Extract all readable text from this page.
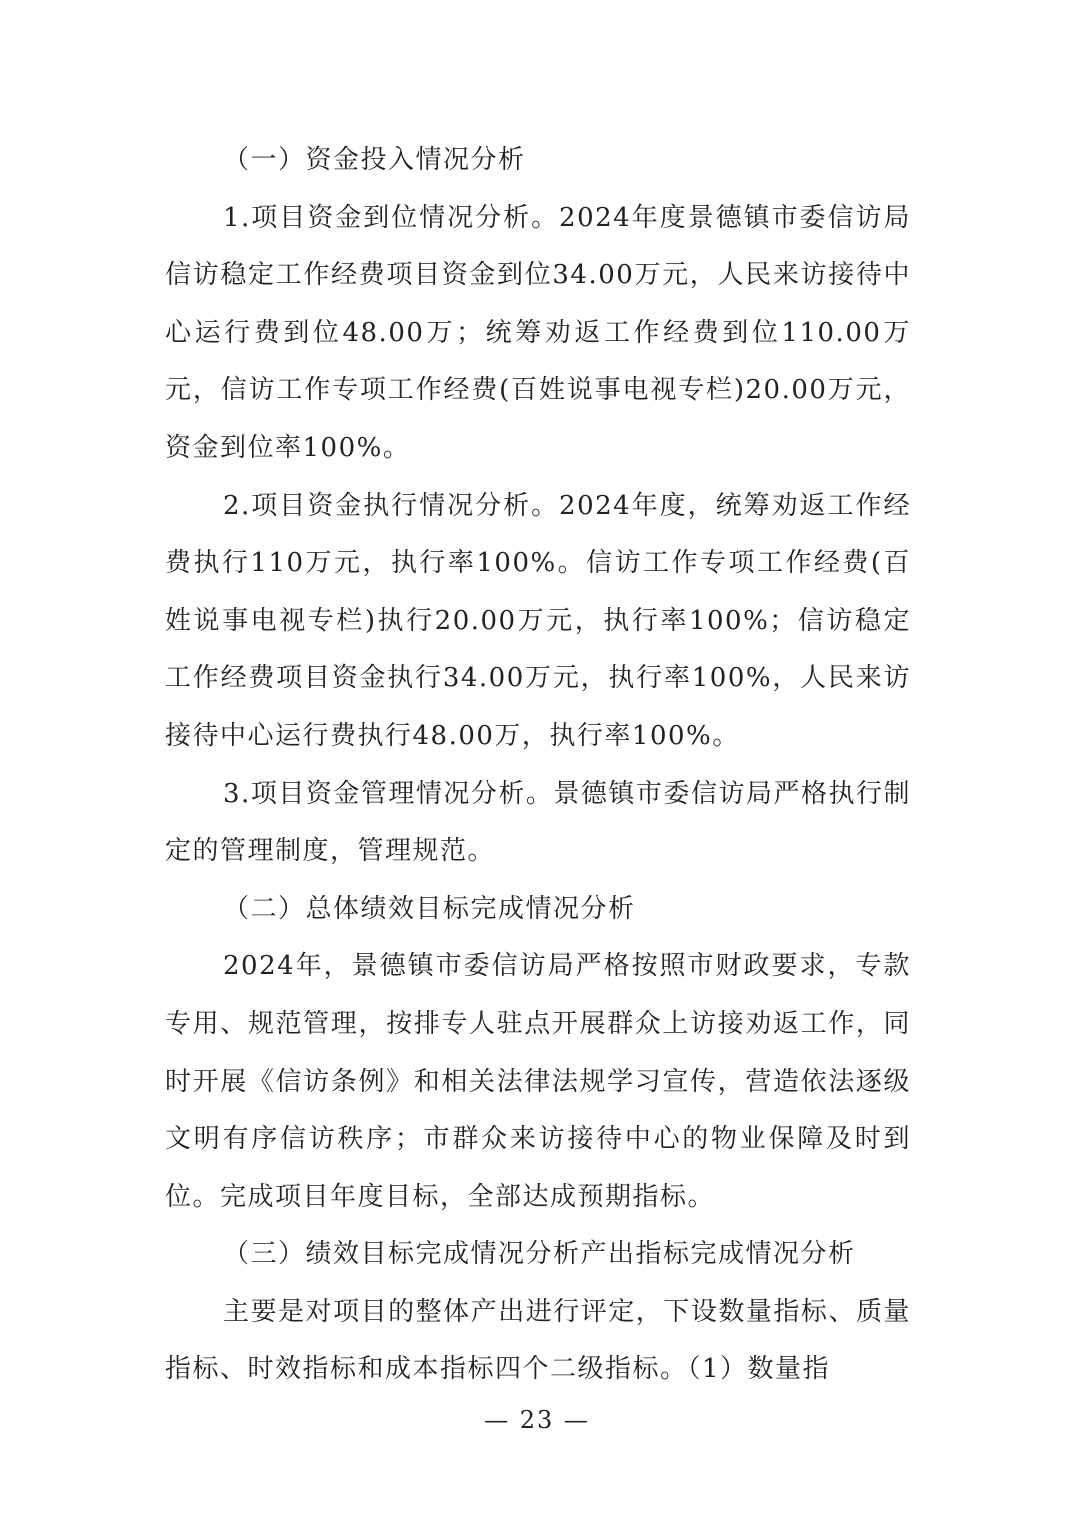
（一）资金投入情况分析

1.项目资金到位情况分析。2024年度景德镇市委信访局信访稳定工作经费项目资金到位34.00万元，人民来访接待中心运行费到位48.00万；统筹劝返工作经费到位110.00万元，信访工作专项工作经费(百姓说事电视专栏)20.00万元，资金到位率100%。

2.项目资金执行情况分析。2024年度，统筹劝返工作经费执行110万元，执行率100%。信访工作专项工作经费(百姓说事电视专栏)执行20.00万元，执行率100%；信访稳定工作经费项目资金执行34.00万元，执行率100%，人民来访接待中心运行费执行48.00万，执行率100%。

3.项目资金管理情况分析。景德镇市委信访局严格执行制定的管理制度，管理规范。

（二）总体绩效目标完成情况分析

2024年，景德镇市委信访局严格按照市财政要求，专款专用、规范管理，按排专人驻点开展群众上访接劝返工作，同时开展《信访条例》和相关法律法规学习宣传，营造依法逐级文明有序信访秩序；市群众来访接待中心的物业保障及时到位。完成项目年度目标，全部达成预期指标。

（三）绩效目标完成情况分析产出指标完成情况分析

主要是对项目的整体产出进行评定，下设数量指标、质量指标、时效指标和成本指标四个二级指标。（1）数量指

— 23 —
